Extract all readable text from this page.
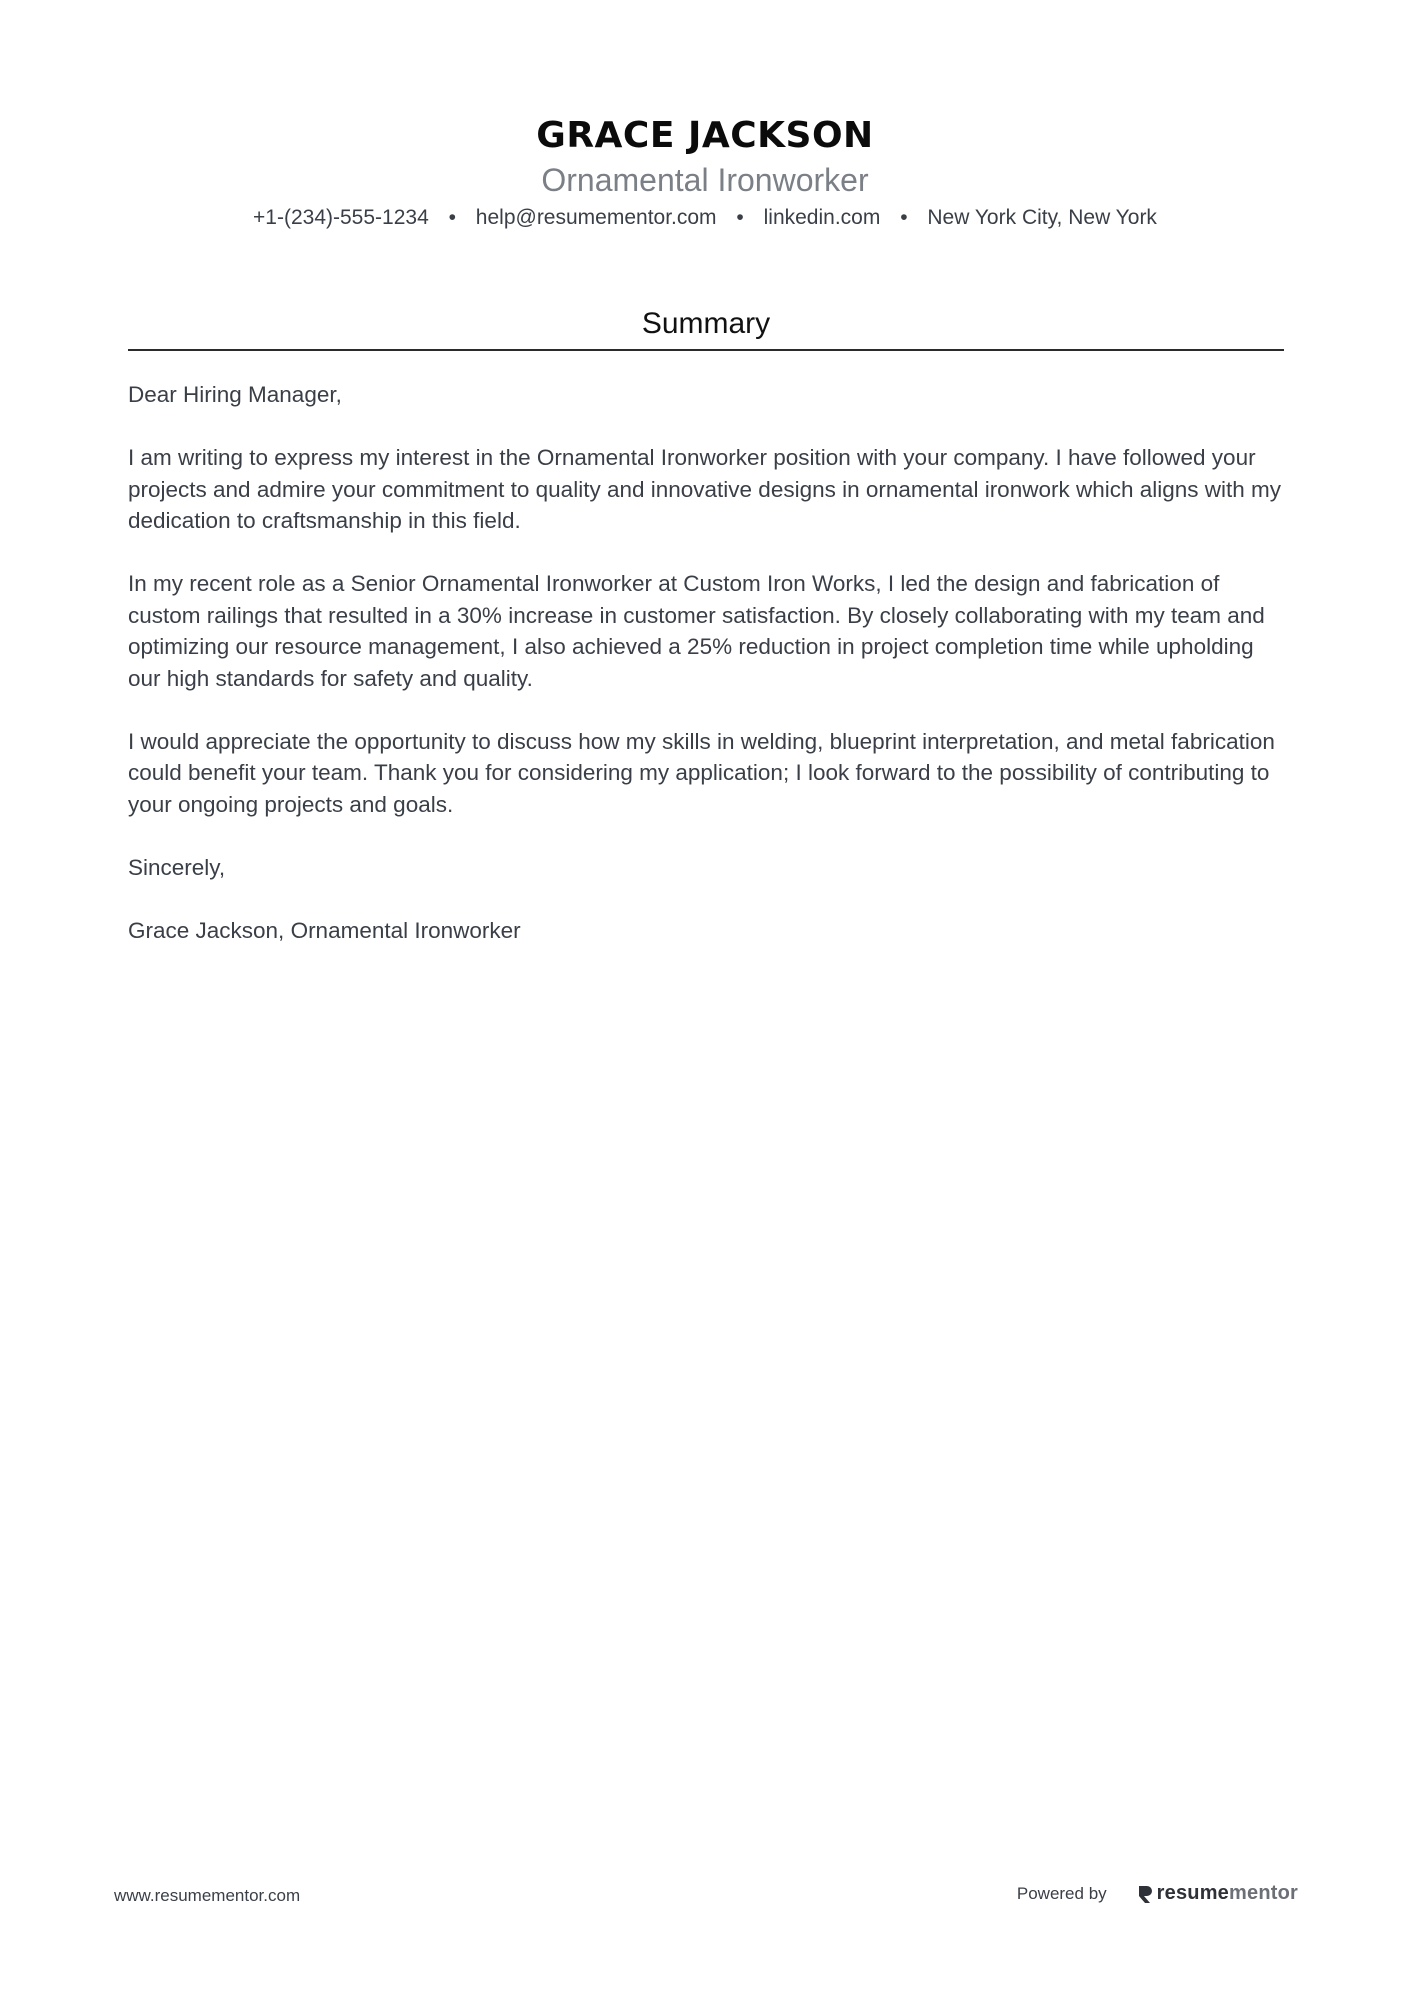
GRACE JACKSON
Ornamental Ironworker
+1-(234)-555-1234 • help@resumementor.com • linkedin.com • New York City, New York
Summary

Dear Hiring Manager,

I am writing to express my interest in the Ornamental Ironworker position with your company. I have followed your projects and admire your commitment to quality and innovative designs in ornamental ironwork which aligns with my dedication to craftsmanship in this field.

In my recent role as a Senior Ornamental Ironworker at Custom Iron Works, I led the design and fabrication of custom railings that resulted in a 30% increase in customer satisfaction. By closely collaborating with my team and optimizing our resource management, I also achieved a 25% reduction in project completion time while upholding our high standards for safety and quality.

I would appreciate the opportunity to discuss how my skills in welding, blueprint interpretation, and metal fabrication could benefit your team. Thank you for considering my application; I look forward to the possibility of contributing to your ongoing projects and goals.

Sincerely,

Grace Jackson, Ornamental Ironworker

www.resumementor.com	Powered by	resumementor
